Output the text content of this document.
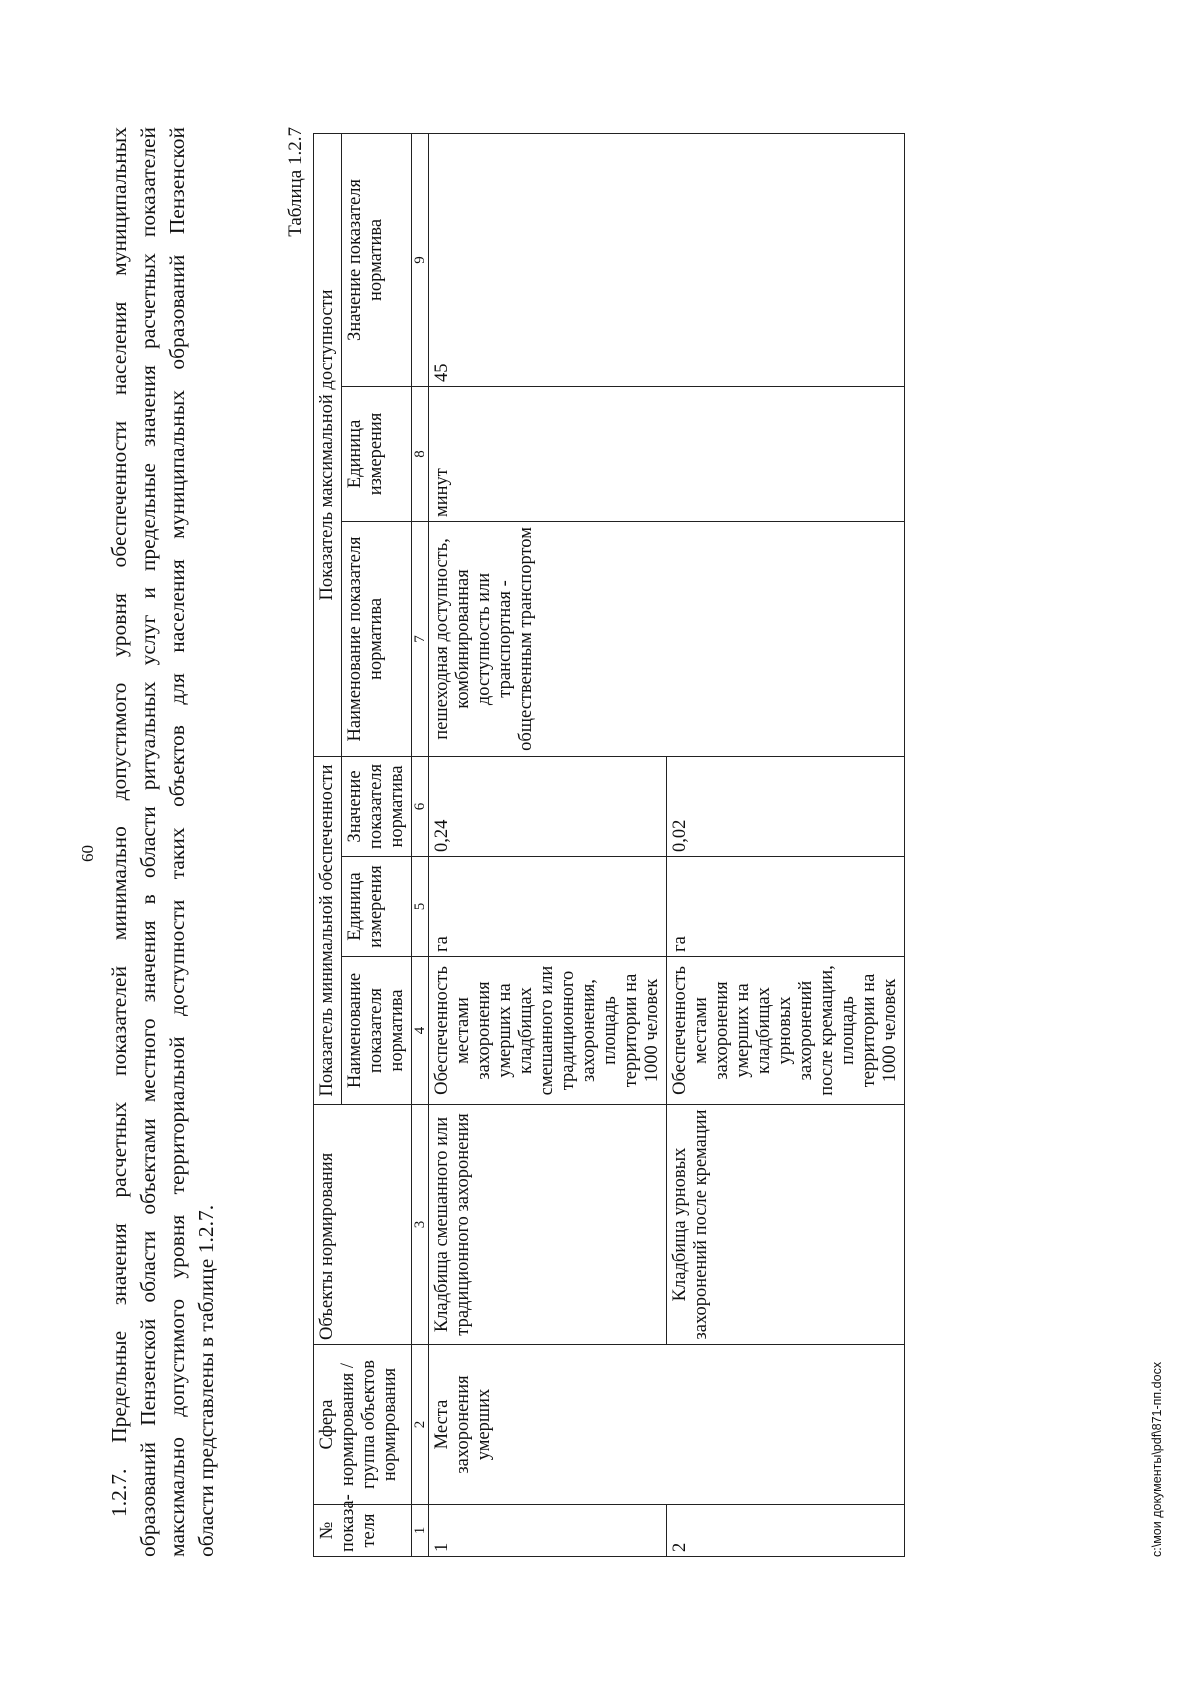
60 1.2.7. Предельные значения расчетных показателей минимально допустимого уровня обеспеченности населения муниципальных образований Пензенской области объектами местного значения в области ритуальных услуг и предельные значения расчетных показателей максимально допустимого уровня территориальной доступности таких объектов для населения муниципальных образований Пензенской области представлены в таблице 1.2.7.
Таблица 1.2.7
№ показа-теля	Сфера нормирования / группа объектов нормирования	Объекты нормирования	Показатель минимальной обеспеченности			Показатель максимальной доступности		
			Наименование показателя норматива	Единица измерения	Значение показателя норматива	Наименование показателя норматива	Единица измерения	Значение показателя норматива
1	2	3	4	5	6	7	8	9
1	Места захоронения умерших	Кладбища смешанного или традиционного захоронения	Обеспеченность местами захоронения умерших на кладбищах смешанного или традиционного захоронения, площадь территории на 1000 человек	га	0,24	пешеходная доступность, комбинированная доступность или транспортная - общественным транспортом	минут	45
2		Кладбища урновых захоронений после кремации	Обеспеченность местами захоронения умерших на кладбищах урновых захоронений после кремации, площадь территории на 1000 человек	га	0,02			
c:\мои документы\pdf\871-пп.docx
